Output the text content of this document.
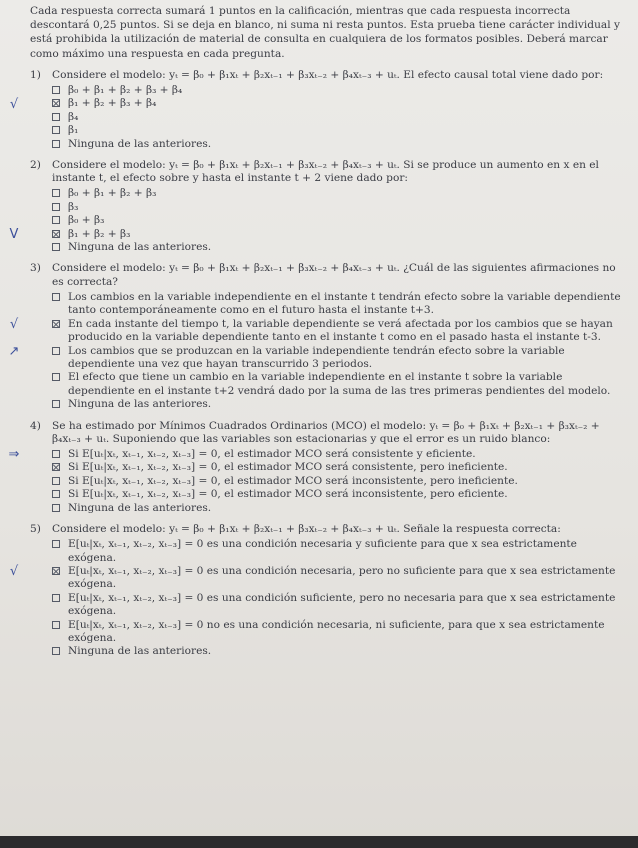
Cada respuesta correcta sumará 1 puntos en la calificación, mientras que cada respuesta incorrecta descontará 0,25 puntos. Si se deja en blanco, ni suma ni resta puntos. Esta prueba tiene carácter individual y está prohibida la utilización de material de consulta en cualquiera de los formatos posibles. Deberá marcar como máximo una respuesta en cada pregunta.

1)	Considere el modelo: yₜ = β₀ + β₁xₜ + β₂xₜ₋₁ + β₃xₜ₋₂ + β₄xₜ₋₃ + uₜ. El efecto causal total viene dado por:
β₀ + β₁ + β₂ + β₃ + β₄
√	β₁ + β₂ + β₃ + β₄
β₄
β₁
Ninguna de las anteriores.
2)	Considere el modelo: yₜ = β₀ + β₁xₜ + β₂xₜ₋₁ + β₃xₜ₋₂ + β₄xₜ₋₃ + uₜ. Si se produce un aumento en x en el instante t, el efecto sobre y hasta el instante t + 2 viene dado por:
β₀ + β₁ + β₂ + β₃
β₃
β₀ + β₃
V	β₁ + β₂ + β₃
Ninguna de las anteriores.
3)	Considere el modelo: yₜ = β₀ + β₁xₜ + β₂xₜ₋₁ + β₃xₜ₋₂ + β₄xₜ₋₃ + uₜ. ¿Cuál de las siguientes afirmaciones no es correcta?
Los cambios en la variable independiente en el instante t tendrán efecto sobre la variable dependiente tanto contemporáneamente como en el futuro hasta el instante t+3.
√	En cada instante del tiempo t, la variable dependiente se verá afectada por los cambios que se hayan producido en la variable dependiente tanto en el instante t como en el pasado hasta el instante t-3.
↗	Los cambios que se produzcan en la variable independiente tendrán efecto sobre la variable dependiente una vez que hayan transcurrido 3 periodos.
El efecto que tiene un cambio en la variable independiente en el instante t sobre la variable dependiente en el instante t+2 vendrá dado por la suma de las tres primeras pendientes del modelo.
Ninguna de las anteriores.
4)	Se ha estimado por Mínimos Cuadrados Ordinarios (MCO) el modelo: yₜ = β₀ + β₁xₜ + β₂xₜ₋₁ + β₃xₜ₋₂ + β₄xₜ₋₃ + uₜ. Suponiendo que las variables son estacionarias y que el error es un ruido blanco:
⇒	Si E[uₜ|xₜ, xₜ₋₁, xₜ₋₂, xₜ₋₃] = 0, el estimador MCO será consistente y eficiente.
Si E[uₜ|xₜ, xₜ₋₁, xₜ₋₂, xₜ₋₃] = 0, el estimador MCO será consistente, pero ineficiente.
Si E[uₜ|xₜ, xₜ₋₁, xₜ₋₂, xₜ₋₃] = 0, el estimador MCO será inconsistente, pero ineficiente.
Si E[uₜ|xₜ, xₜ₋₁, xₜ₋₂, xₜ₋₃] = 0, el estimador MCO será inconsistente, pero eficiente.
Ninguna de las anteriores.
5)	Considere el modelo: yₜ = β₀ + β₁xₜ + β₂xₜ₋₁ + β₃xₜ₋₂ + β₄xₜ₋₃ + uₜ. Señale la respuesta correcta:
E[uₜ|xₜ, xₜ₋₁, xₜ₋₂, xₜ₋₃] = 0 es una condición necesaria y suficiente para que x sea estrictamente exógena.
√	E[uₜ|xₜ, xₜ₋₁, xₜ₋₂, xₜ₋₃] = 0 es una condición necesaria, pero no suficiente para que x sea estrictamente exógena.
E[uₜ|xₜ, xₜ₋₁, xₜ₋₂, xₜ₋₃] = 0 es una condición suficiente, pero no necesaria para que x sea estrictamente exógena.
E[uₜ|xₜ, xₜ₋₁, xₜ₋₂, xₜ₋₃] = 0 no es una condición necesaria, ni suficiente, para que x sea estrictamente exógena.
Ninguna de las anteriores.
